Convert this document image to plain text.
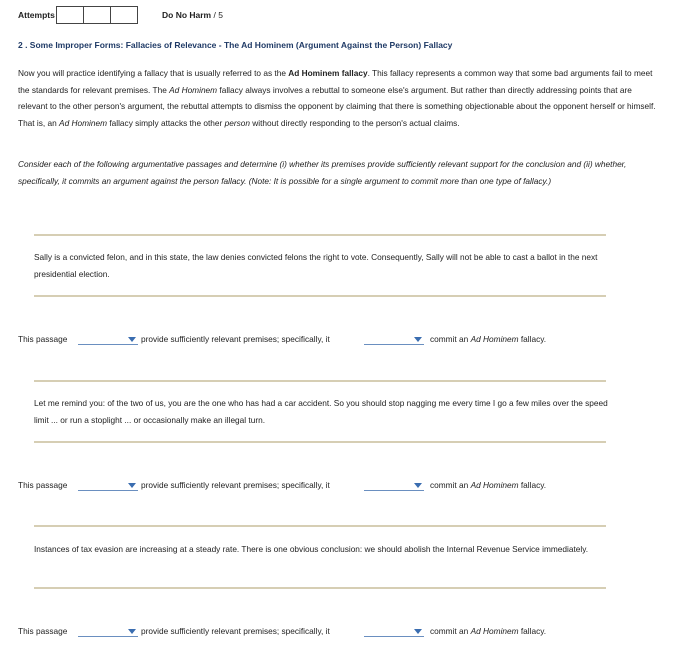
Attempts	Do No Harm / 5
2 . Some Improper Forms: Fallacies of Relevance - The Ad Hominem (Argument Against the Person) Fallacy
Now you will practice identifying a fallacy that is usually referred to as the Ad Hominem fallacy. This fallacy represents a common way that some bad arguments fail to meet the standards for relevant premises. The Ad Hominem fallacy always involves a rebuttal to someone else's argument. But rather than directly addressing points that are relevant to the other person's argument, the rebuttal attempts to dismiss the opponent by claiming that there is something objectionable about the opponent herself or himself. That is, an Ad Hominem fallacy simply attacks the other person without directly responding to the person's actual claims.
Consider each of the following argumentative passages and determine (i) whether its premises provide sufficiently relevant support for the conclusion and (ii) whether, specifically, it commits an argument against the person fallacy. (Note: It is possible for a single argument to commit more than one type of fallacy.)
Sally is a convicted felon, and in this state, the law denies convicted felons the right to vote. Consequently, Sally will not be able to cast a ballot in the next presidential election.
This passage	provide sufficiently relevant premises; specifically, it	commit an Ad Hominem fallacy.
Let me remind you: of the two of us, you are the one who has had a car accident. So you should stop nagging me every time I go a few miles over the speed limit ... or run a stoplight ... or occasionally make an illegal turn.
This passage	provide sufficiently relevant premises; specifically, it	commit an Ad Hominem fallacy.
Instances of tax evasion are increasing at a steady rate. There is one obvious conclusion: we should abolish the Internal Revenue Service immediately.
This passage	provide sufficiently relevant premises; specifically, it	commit an Ad Hominem fallacy.
